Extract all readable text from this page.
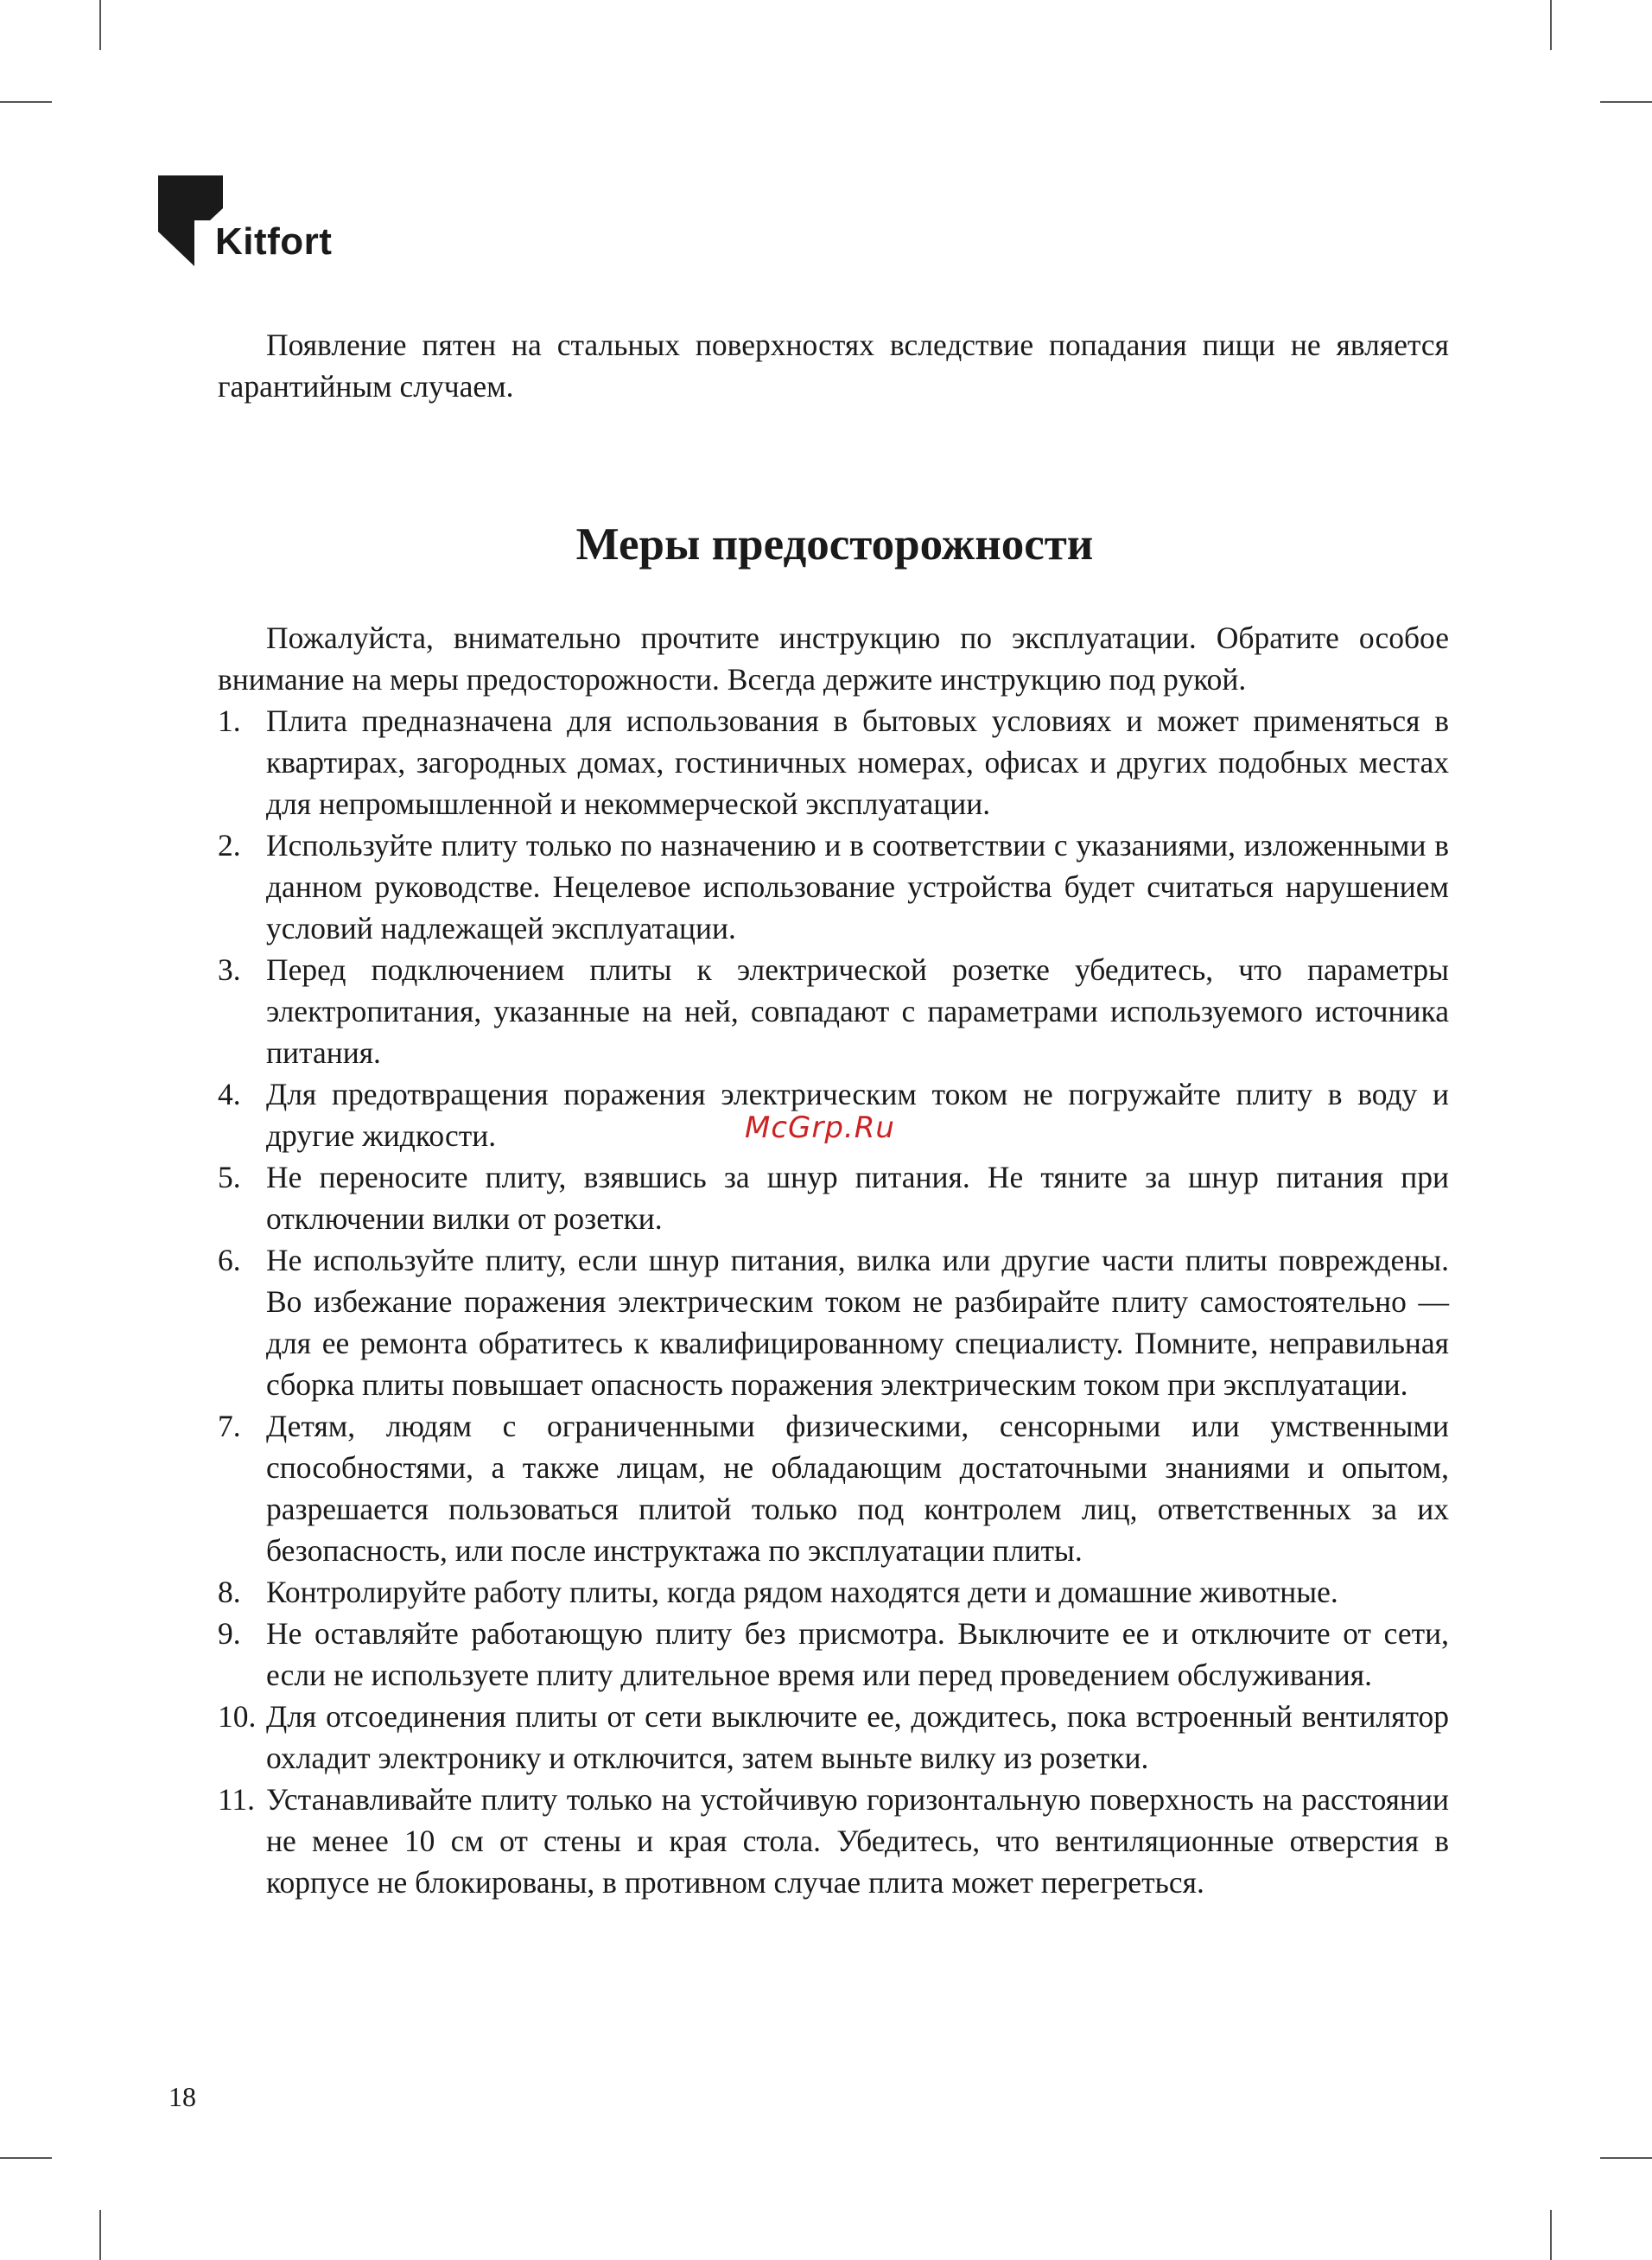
Kitfort

Появление пятен на стальных поверхностях вследствие попадания пищи не является гарантийным случаем.

Меры предосторожности

Пожалуйста, внимательно прочтите инструкцию по эксплуатации. Обратите особое внимание на меры предосторожности. Всегда держите инструкцию под рукой.

1. Плита предназначена для использования в бытовых условиях и может применяться в квартирах, загородных домах, гостиничных номерах, офисах и других подобных местах для непромышленной и некоммерческой эксплуатации.
2. Используйте плиту только по назначению и в соответствии с указаниями, изложенными в данном руководстве. Нецелевое использование устройства будет считаться нарушением условий надлежащей эксплуатации.
3. Перед подключением плиты к электрической розетке убедитесь, что параметры электропитания, указанные на ней, совпадают с параметрами используемого источника питания.
4. Для предотвращения поражения электрическим током не погружайте плиту в воду и другие жидкости.
5. Не переносите плиту, взявшись за шнур питания. Не тяните за шнур питания при отключении вилки от розетки.
6. Не используйте плиту, если шнур питания, вилка или другие части плиты повреждены. Во избежание поражения электрическим током не разбирайте плиту самостоятельно — для ее ремонта обратитесь к квалифицированному специалисту. Помните, неправильная сборка плиты повышает опасность поражения электрическим током при эксплуатации.
7. Детям, людям с ограниченными физическими, сенсорными или умственными способностями, а также лицам, не обладающим достаточными знаниями и опытом, разрешается пользоваться плитой только под контролем лиц, ответственных за их безопасность, или после инструктажа по эксплуатации плиты.
8. Контролируйте работу плиты, когда рядом находятся дети и домашние животные.
9. Не оставляйте работающую плиту без присмотра. Выключите ее и отключите от сети, если не используете плиту длительное время или перед проведением обслуживания.
10. Для отсоединения плиты от сети выключите ее, дождитесь, пока встроенный вентилятор охладит электронику и отключится, затем выньте вилку из розетки.
11. Устанавливайте плиту только на устойчивую горизонтальную поверхность на расстоянии не менее 10 см от стены и края стола. Убедитесь, что вентиляционные отверстия в корпусе не блокированы, в противном случае плита может перегреться.
McGrp.Ru
18
